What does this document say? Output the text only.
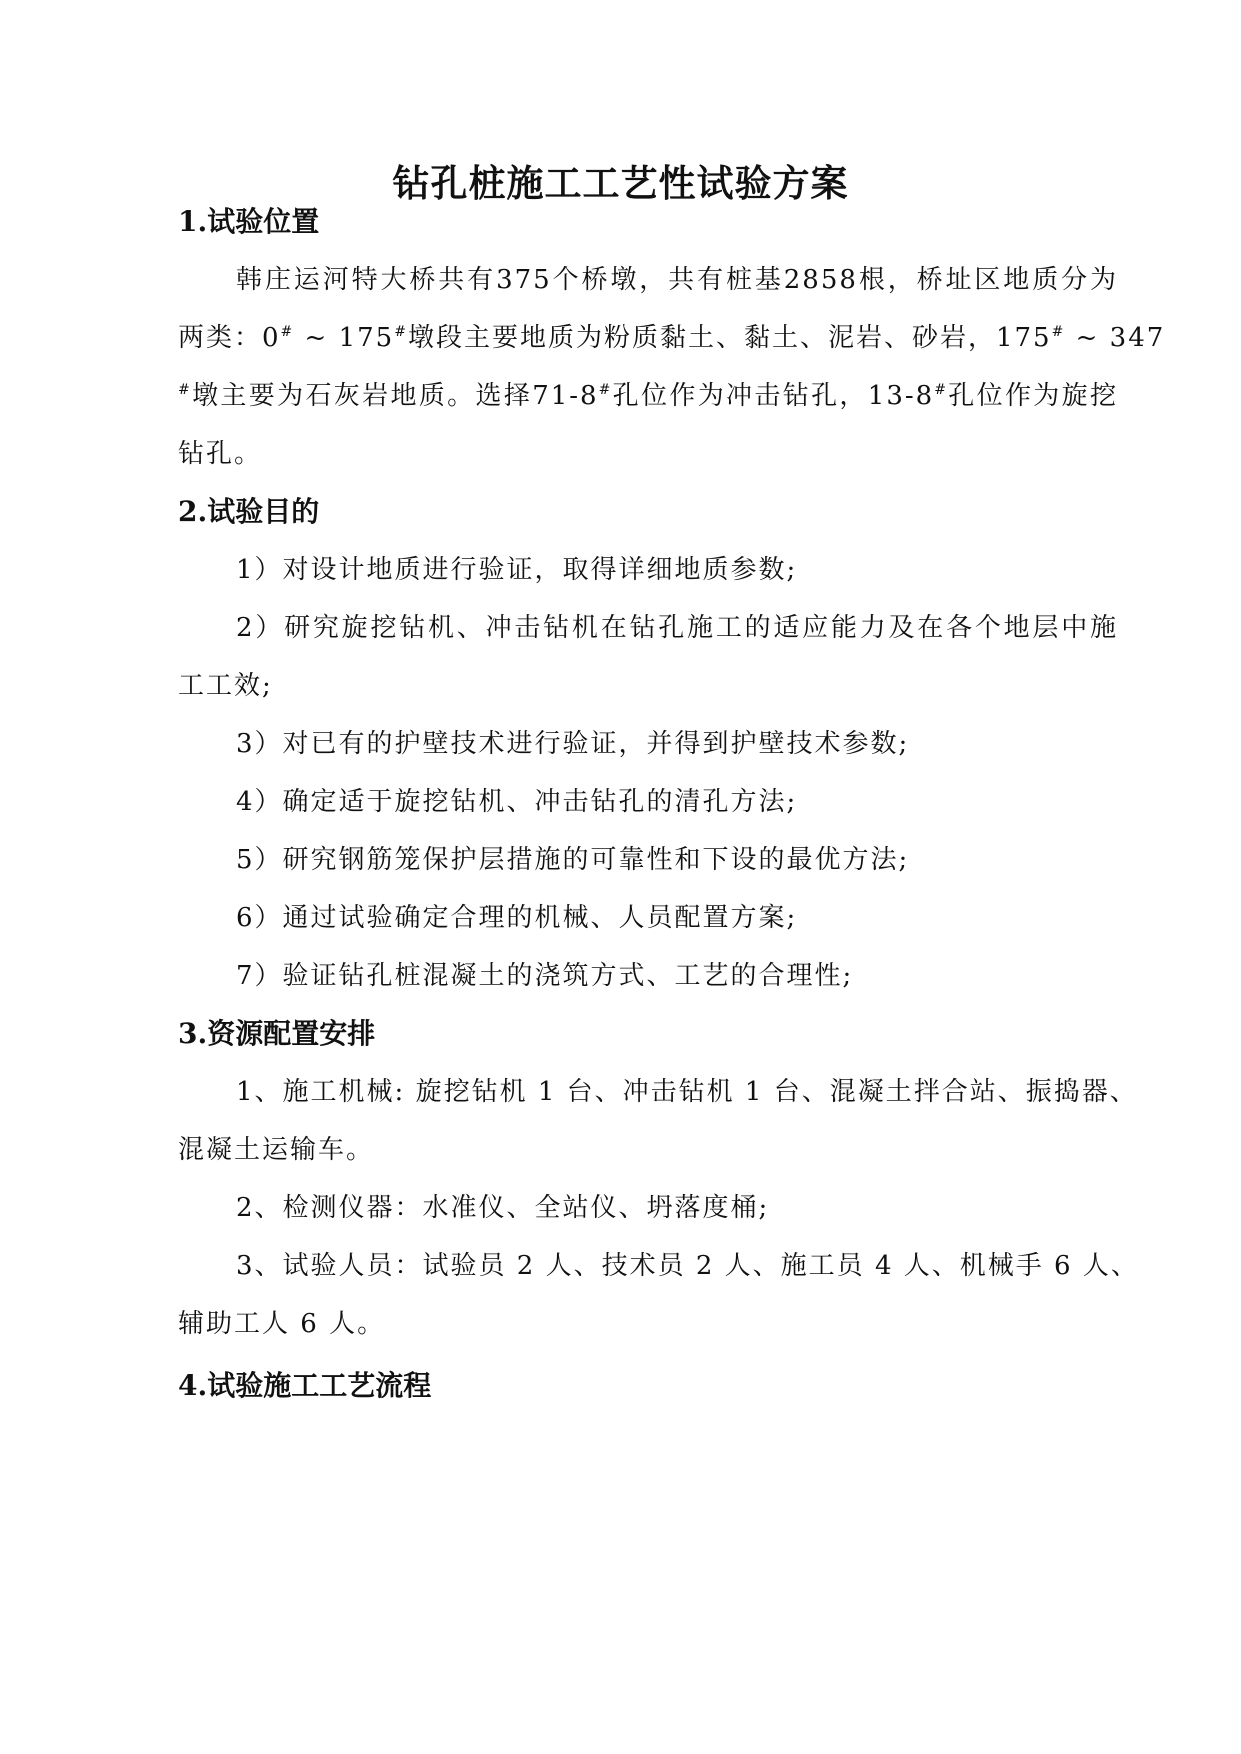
钻孔桩施工工艺性试验方案
1.试验位置
韩庄运河特大桥共有375个桥墩，共有桩基2858根，桥址区地质分为
两类：0# ~ 175#墩段主要地质为粉质黏土、黏土、泥岩、砂岩，175# ~ 347
#墩主要为石灰岩地质。选择71-8#孔位作为冲击钻孔，13-8#孔位作为旋挖
钻孔。
2.试验目的
1）对设计地质进行验证，取得详细地质参数;
2）研究旋挖钻机、冲击钻机在钻孔施工的适应能力及在各个地层中施
工工效;
3）对已有的护壁技术进行验证，并得到护壁技术参数;
4）确定适于旋挖钻机、冲击钻孔的清孔方法;
5）研究钢筋笼保护层措施的可靠性和下设的最优方法;
6）通过试验确定合理的机械、人员配置方案;
7）验证钻孔桩混凝土的浇筑方式、工艺的合理性;
3.资源配置安排
1、施工机械: 旋挖钻机 1 台、冲击钻机 1 台、混凝土拌合站、振捣器、
混凝土运输车。
2、检测仪器：水准仪、全站仪、坍落度桶;
3、试验人员：试验员 2 人、技术员 2 人、施工员 4 人、机械手 6 人、
辅助工人 6 人。
4.试验施工工艺流程
